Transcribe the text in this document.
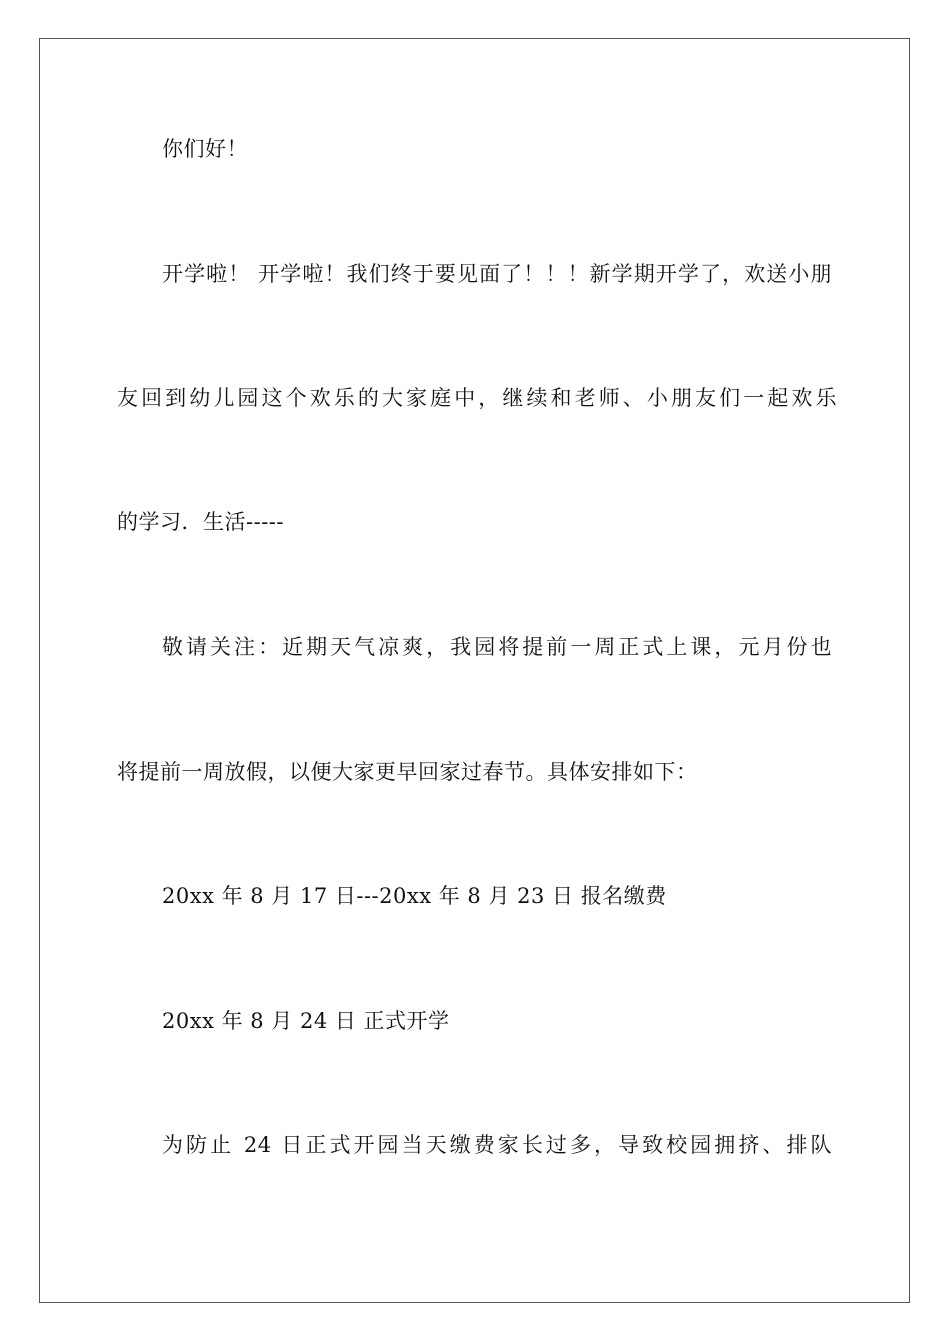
你们好！
开学啦！ 开学啦！我们终于要见面了！！！新学期开学了，欢送小朋
友回到幼儿园这个欢乐的大家庭中，继续和老师、小朋友们一起欢乐
的学习．生活-----
敬请关注：近期天气凉爽，我园将提前一周正式上课，元月份也
将提前一周放假，以便大家更早回家过春节。具体安排如下：
20xx 年 8 月 17 日---20xx 年 8 月 23 日 报名缴费
20xx 年 8 月 24 日 正式开学
为防止 24 日正式开园当天缴费家长过多，导致校园拥挤、排队
